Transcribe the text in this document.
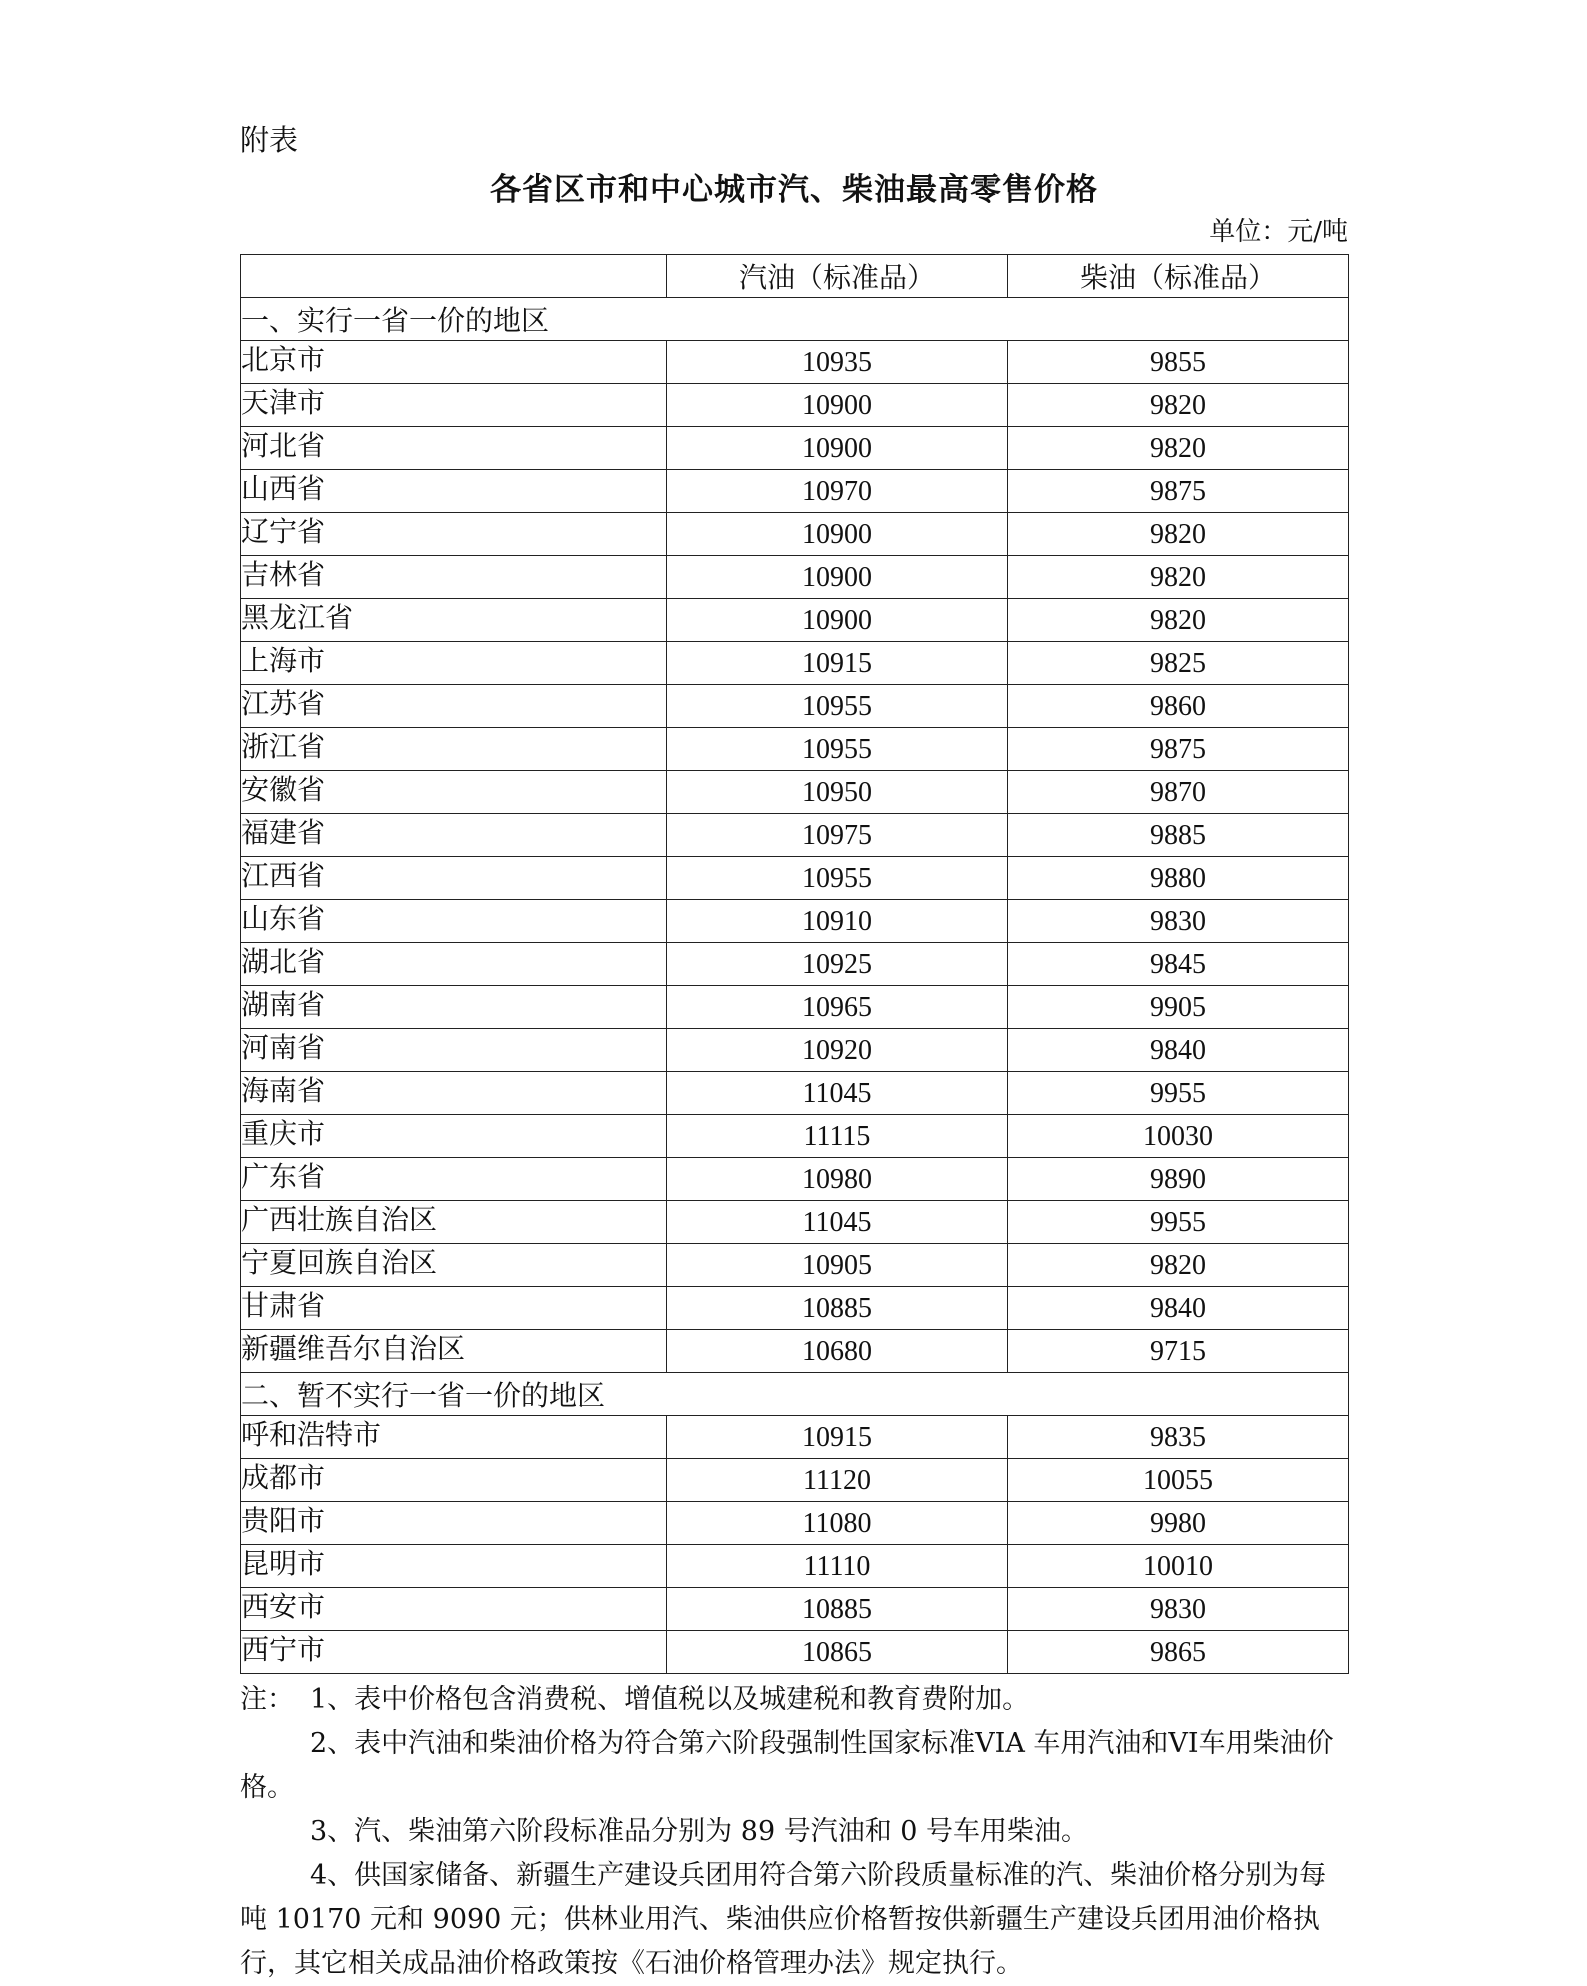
附表
各省区市和中心城市汽、柴油最高零售价格
单位：元/吨
	汽油（标准品）	柴油（标准品）
一、实行一省一价的地区		
北京市	10935	9855
天津市	10900	9820
河北省	10900	9820
山西省	10970	9875
辽宁省	10900	9820
吉林省	10900	9820
黑龙江省	10900	9820
上海市	10915	9825
江苏省	10955	9860
浙江省	10955	9875
安徽省	10950	9870
福建省	10975	9885
江西省	10955	9880
山东省	10910	9830
湖北省	10925	9845
湖南省	10965	9905
河南省	10920	9840
海南省	11045	9955
重庆市	11115	10030
广东省	10980	9890
广西壮族自治区	11045	9955
宁夏回族自治区	10905	9820
甘肃省	10885	9840
新疆维吾尔自治区	10680	9715
二、暂不实行一省一价的地区		
呼和浩特市	10915	9835
成都市	11120	10055
贵阳市	11080	9980
昆明市	11110	10010
西安市	10885	9830
西宁市	10865	9865
注： 1、表中价格包含消费税、增值税以及城建税和教育费附加。
2、表中汽油和柴油价格为符合第六阶段强制性国家标准VIA 车用汽油和VI车用柴油价格。
3、汽、柴油第六阶段标准品分别为 89 号汽油和 0 号车用柴油。
4、供国家储备、新疆生产建设兵团用符合第六阶段质量标准的汽、柴油价格分别为每吨 10170 元和 9090 元；供林业用汽、柴油供应价格暂按供新疆生产建设兵团用油价格执行，其它相关成品油价格政策按《石油价格管理办法》规定执行。
